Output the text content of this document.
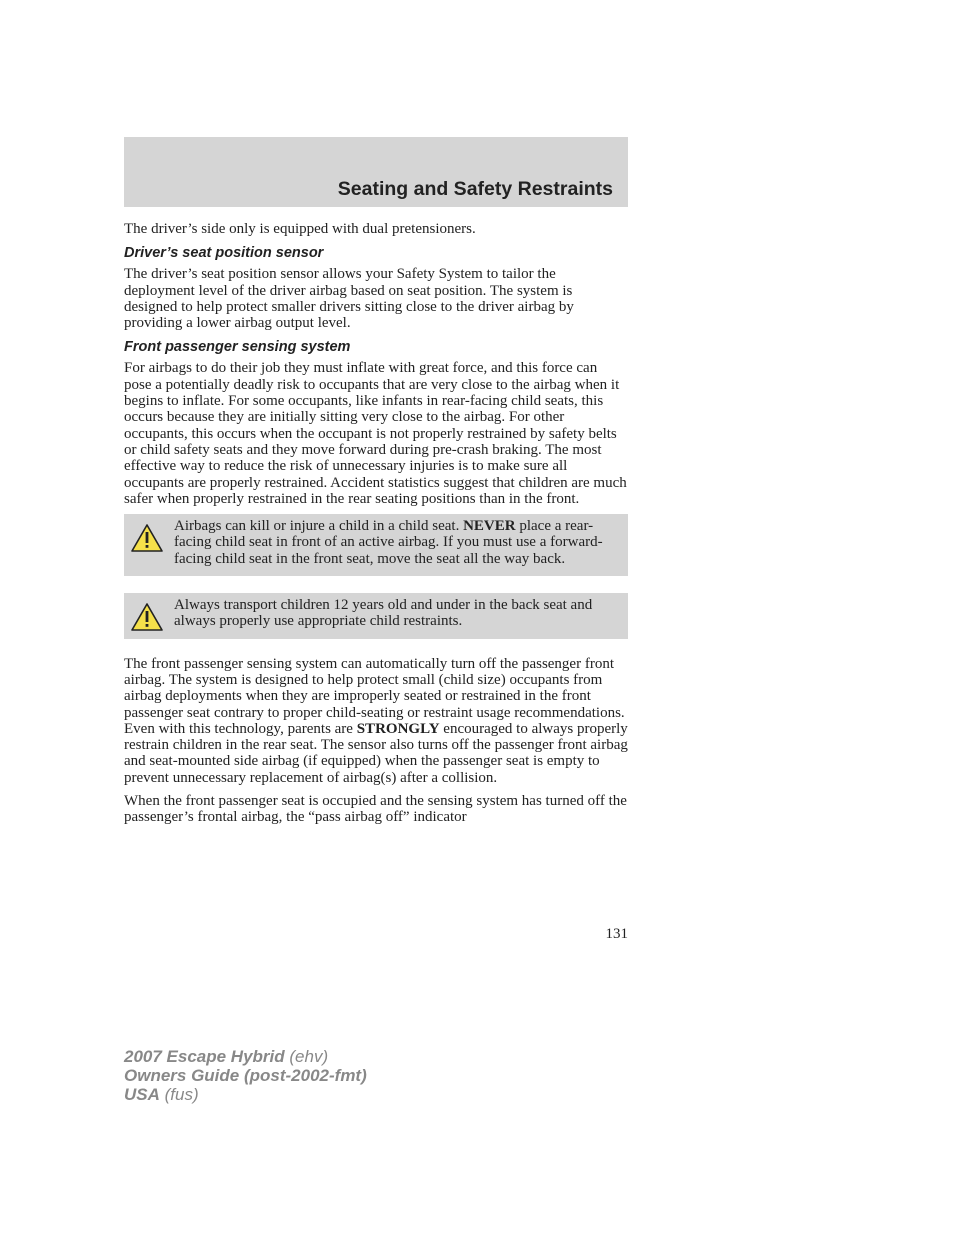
Seating and Safety Restraints

The driver’s side only is equipped with dual pretensioners.

Driver’s seat position sensor

The driver’s seat position sensor allows your Safety System to tailor the deployment level of the driver airbag based on seat position. The system is designed to help protect smaller drivers sitting close to the driver airbag by providing a lower airbag output level.

Front passenger sensing system

For airbags to do their job they must inflate with great force, and this force can pose a potentially deadly risk to occupants that are very close to the airbag when it begins to inflate. For some occupants, like infants in rear-facing child seats, this occurs because they are initially sitting very close to the airbag. For other occupants, this occurs when the occupant is not properly restrained by safety belts or child safety seats and they move forward during pre-crash braking. The most effective way to reduce the risk of unnecessary injuries is to make sure all occupants are properly restrained. Accident statistics suggest that children are much safer when properly restrained in the rear seating positions than in the front.

Airbags can kill or injure a child in a child seat. NEVER place a rear-facing child seat in front of an active airbag. If you must use a forward-facing child seat in the front seat, move the seat all the way back.
Always transport children 12 years old and under in the back seat and always properly use appropriate child restraints.

The front passenger sensing system can automatically turn off the passenger front airbag. The system is designed to help protect small (child size) occupants from airbag deployments when they are improperly seated or restrained in the front passenger seat contrary to proper child-seating or restraint usage recommendations. Even with this technology, parents are STRONGLY encouraged to always properly restrain children in the rear seat. The sensor also turns off the passenger front airbag and seat-mounted side airbag (if equipped) when the passenger seat is empty to prevent unnecessary replacement of airbag(s) after a collision.

When the front passenger seat is occupied and the sensing system has turned off the passenger’s frontal airbag, the “pass airbag off” indicator

131
2007 Escape Hybrid (ehv)
Owners Guide (post-2002-fmt)
USA (fus)
